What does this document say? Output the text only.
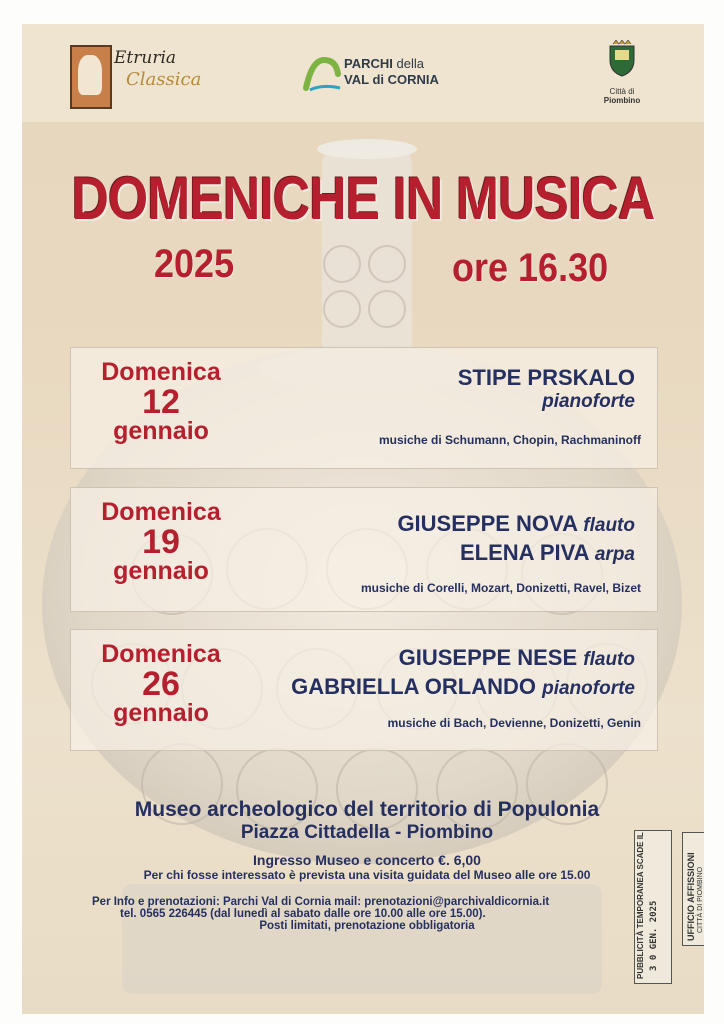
Etruria
Classica
PARCHI della
VAL di CORNIA
Città di
Piombino
DOMENICHE IN MUSICA
2025	ore 16.30
Domenica
12
gennaio
STIPE PRSKALO
pianoforte
musiche di Schumann, Chopin, Rachmaninoff
Domenica
19
gennaio
GIUSEPPE NOVA flauto
ELENA PIVA arpa
musiche di Corelli, Mozart, Donizetti, Ravel, Bizet
Domenica
26
gennaio
GIUSEPPE NESE flauto
GABRIELLA ORLANDO pianoforte
musiche di Bach, Devienne, Donizetti, Genin
Museo archeologico del territorio di Populonia
Piazza Cittadella - Piombino
Ingresso Museo e concerto €. 6,00
Per chi fosse interessato è prevista una visita guidata del Museo alle ore 15.00
Per Info e prenotazioni: Parchi Val di Cornia mail: prenotazioni@parchivaldicornia.it
tel. 0565 226445 (dal lunedì al sabato dalle ore 10.00 alle ore 15.00).
Posti limitati, prenotazione obbligatoria	PUBBLICITÀ TEMPORANEA SCADE IL 3 0 GEN. 2025	UFFICIO AFFISSIONI CITTÀ DI PIOMBINO
